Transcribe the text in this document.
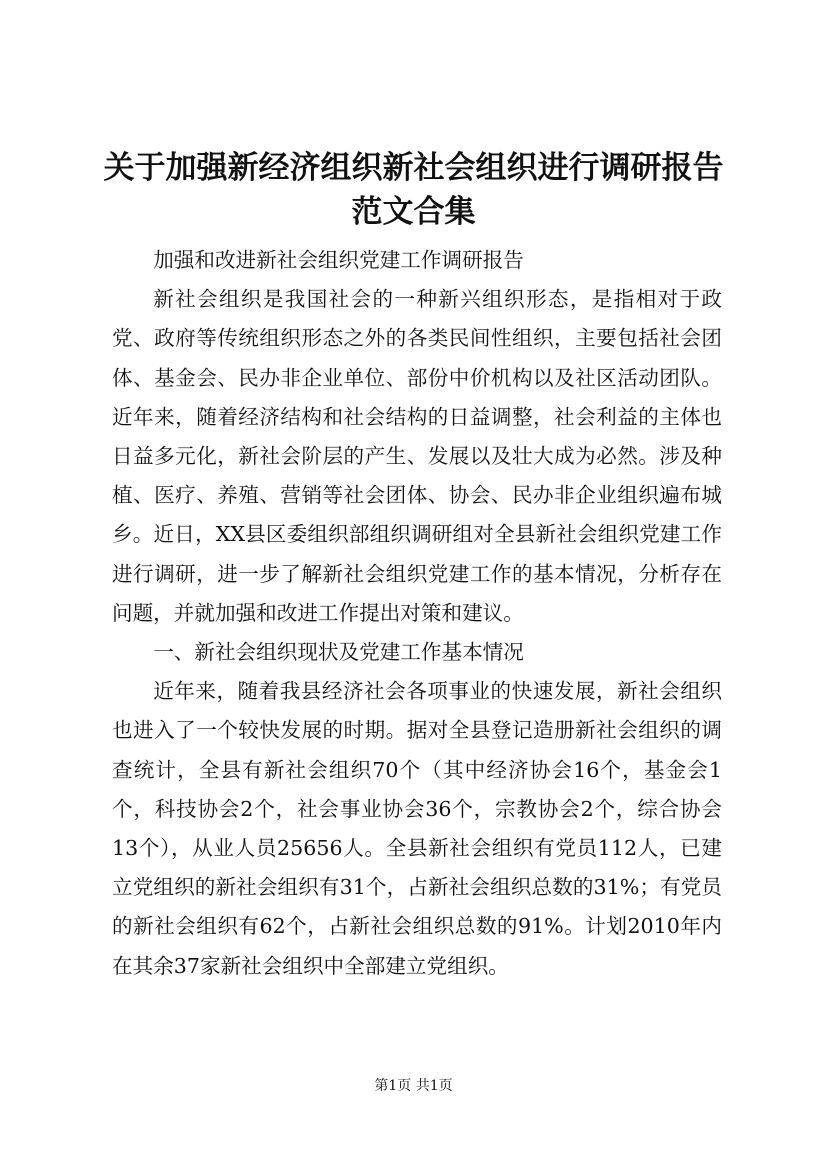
关于加强新经济组织新社会组织进行调研报告
范文合集

加强和改进新社会组织党建工作调研报告

新社会组织是我国社会的一种新兴组织形态，是指相对于政党、政府等传统组织形态之外的各类民间性组织，主要包括社会团体、基金会、民办非企业单位、部份中价机构以及社区活动团队。近年来，随着经济结构和社会结构的日益调整，社会利益的主体也日益多元化，新社会阶层的产生、发展以及壮大成为必然。涉及种植、医疗、养殖、营销等社会团体、协会、民办非企业组织遍布城乡。近日，XX县区委组织部组织调研组对全县新社会组织党建工作进行调研，进一步了解新社会组织党建工作的基本情况，分析存在问题，并就加强和改进工作提出对策和建议。

一、新社会组织现状及党建工作基本情况

近年来，随着我县经济社会各项事业的快速发展，新社会组织也进入了一个较快发展的时期。据对全县登记造册新社会组织的调查统计，全县有新社会组织70个（其中经济协会16个，基金会1个，科技协会2个，社会事业协会36个，宗教协会2个，综合协会13个），从业人员25656人。全县新社会组织有党员112人，已建立党组织的新社会组织有31个，占新社会组织总数的31%；有党员的新社会组织有62个，占新社会组织总数的91%。计划2010年内在其余37家新社会组织中全部建立党组织。

第1页 共1页
